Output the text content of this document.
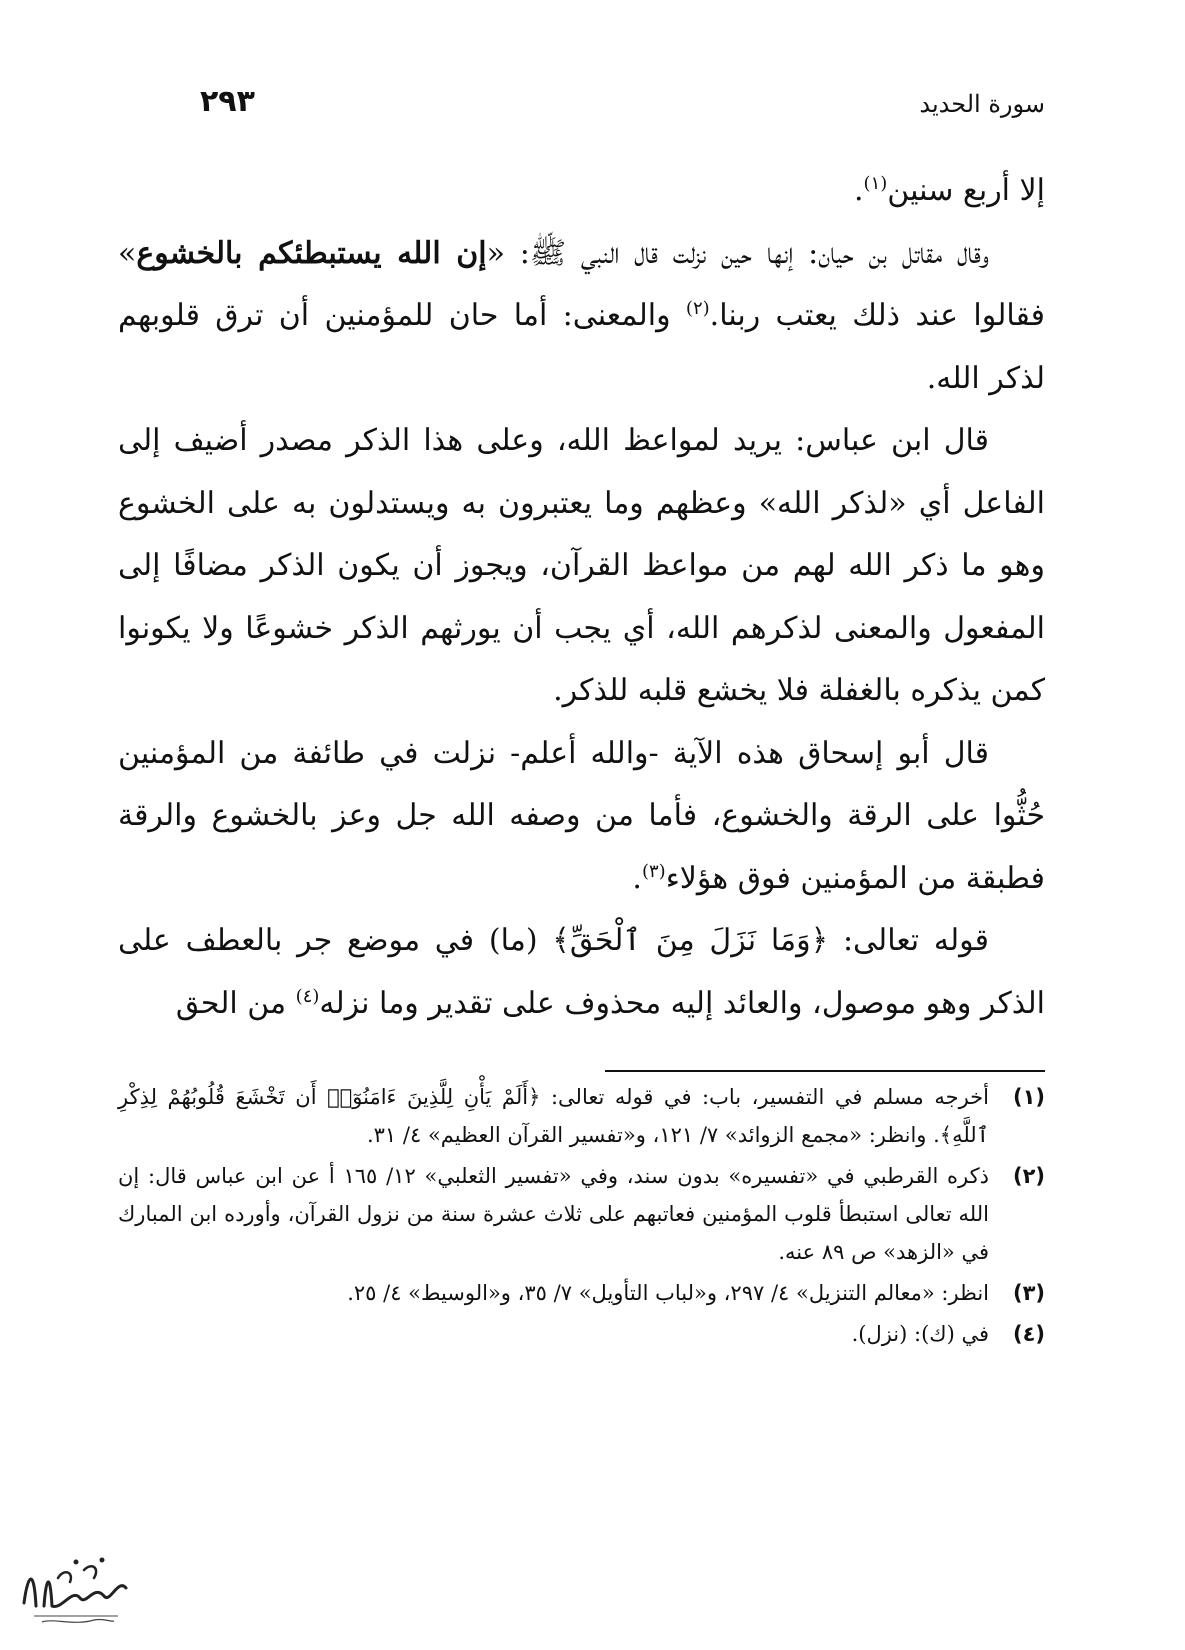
سورة الحديد
٢٩٣

إلا أربع سنين$^{(١)}$.

وقال مقاتل بن حيان: إنها حين نزلت قال النبي ﷺ: «إن الله يستبطئكم بالخشوع» فقالوا عند ذلك يعتب ربنا.$^{(٢)}$ والمعنى: أما حان للمؤمنين أن ترق قلوبهم لذكر الله.

قال ابن عباس: يريد لمواعظ الله، وعلى هذا الذكر مصدر أضيف إلى الفاعل أي «لذكر الله» وعظهم وما يعتبرون به ويستدلون به على الخشوع وهو ما ذكر الله لهم من مواعظ القرآن، ويجوز أن يكون الذكر مضافًا إلى المفعول والمعنى لذكرهم الله، أي يجب أن يورثهم الذكر خشوعًا ولا يكونوا كمن يذكره بالغفلة فلا يخشع قلبه للذكر.

قال أبو إسحاق هذه الآية -والله أعلم- نزلت في طائفة من المؤمنين حُثُّوا على الرقة والخشوع، فأما من وصفه الله جل وعز بالخشوع والرقة فطبقة من المؤمنين فوق هؤلاء$^{(٣)}$.

قوله تعالى: ﴿وَمَا نَزَلَ مِنَ ٱلْحَقِّ﴾ (ما) في موضع جر بالعطف على الذكر وهو موصول، والعائد إليه محذوف على تقدير وما نزله$^{(٤)}$ من الحق

(١)
أخرجه مسلم في التفسير، باب: في قوله تعالى: ﴿أَلَمْ يَأْنِ لِلَّذِينَ ءَامَنُوٓا۟ أَن تَخْشَعَ قُلُوبُهُمْ لِذِكْرِ ٱللَّهِ﴾. وانظر: «مجمع الزوائد» ٧/ ١٢١، و«تفسير القرآن العظيم» ٤/ ٣١.
(٢)
ذكره القرطبي في «تفسيره» بدون سند، وفي «تفسير الثعلبي» ١٢/ ١٦٥ أ عن ابن عباس قال: إن الله تعالى استبطأ قلوب المؤمنين فعاتبهم على ثلاث عشرة سنة من نزول القرآن، وأورده ابن المبارك في «الزهد» ص ٨٩ عنه.
(٣)
انظر: «معالم التنزيل» ٤/ ٢٩٧، و«لباب التأويل» ٧/ ٣٥، و«الوسيط» ٤/ ٢٥.
(٤)
في (ك): (نزل).
